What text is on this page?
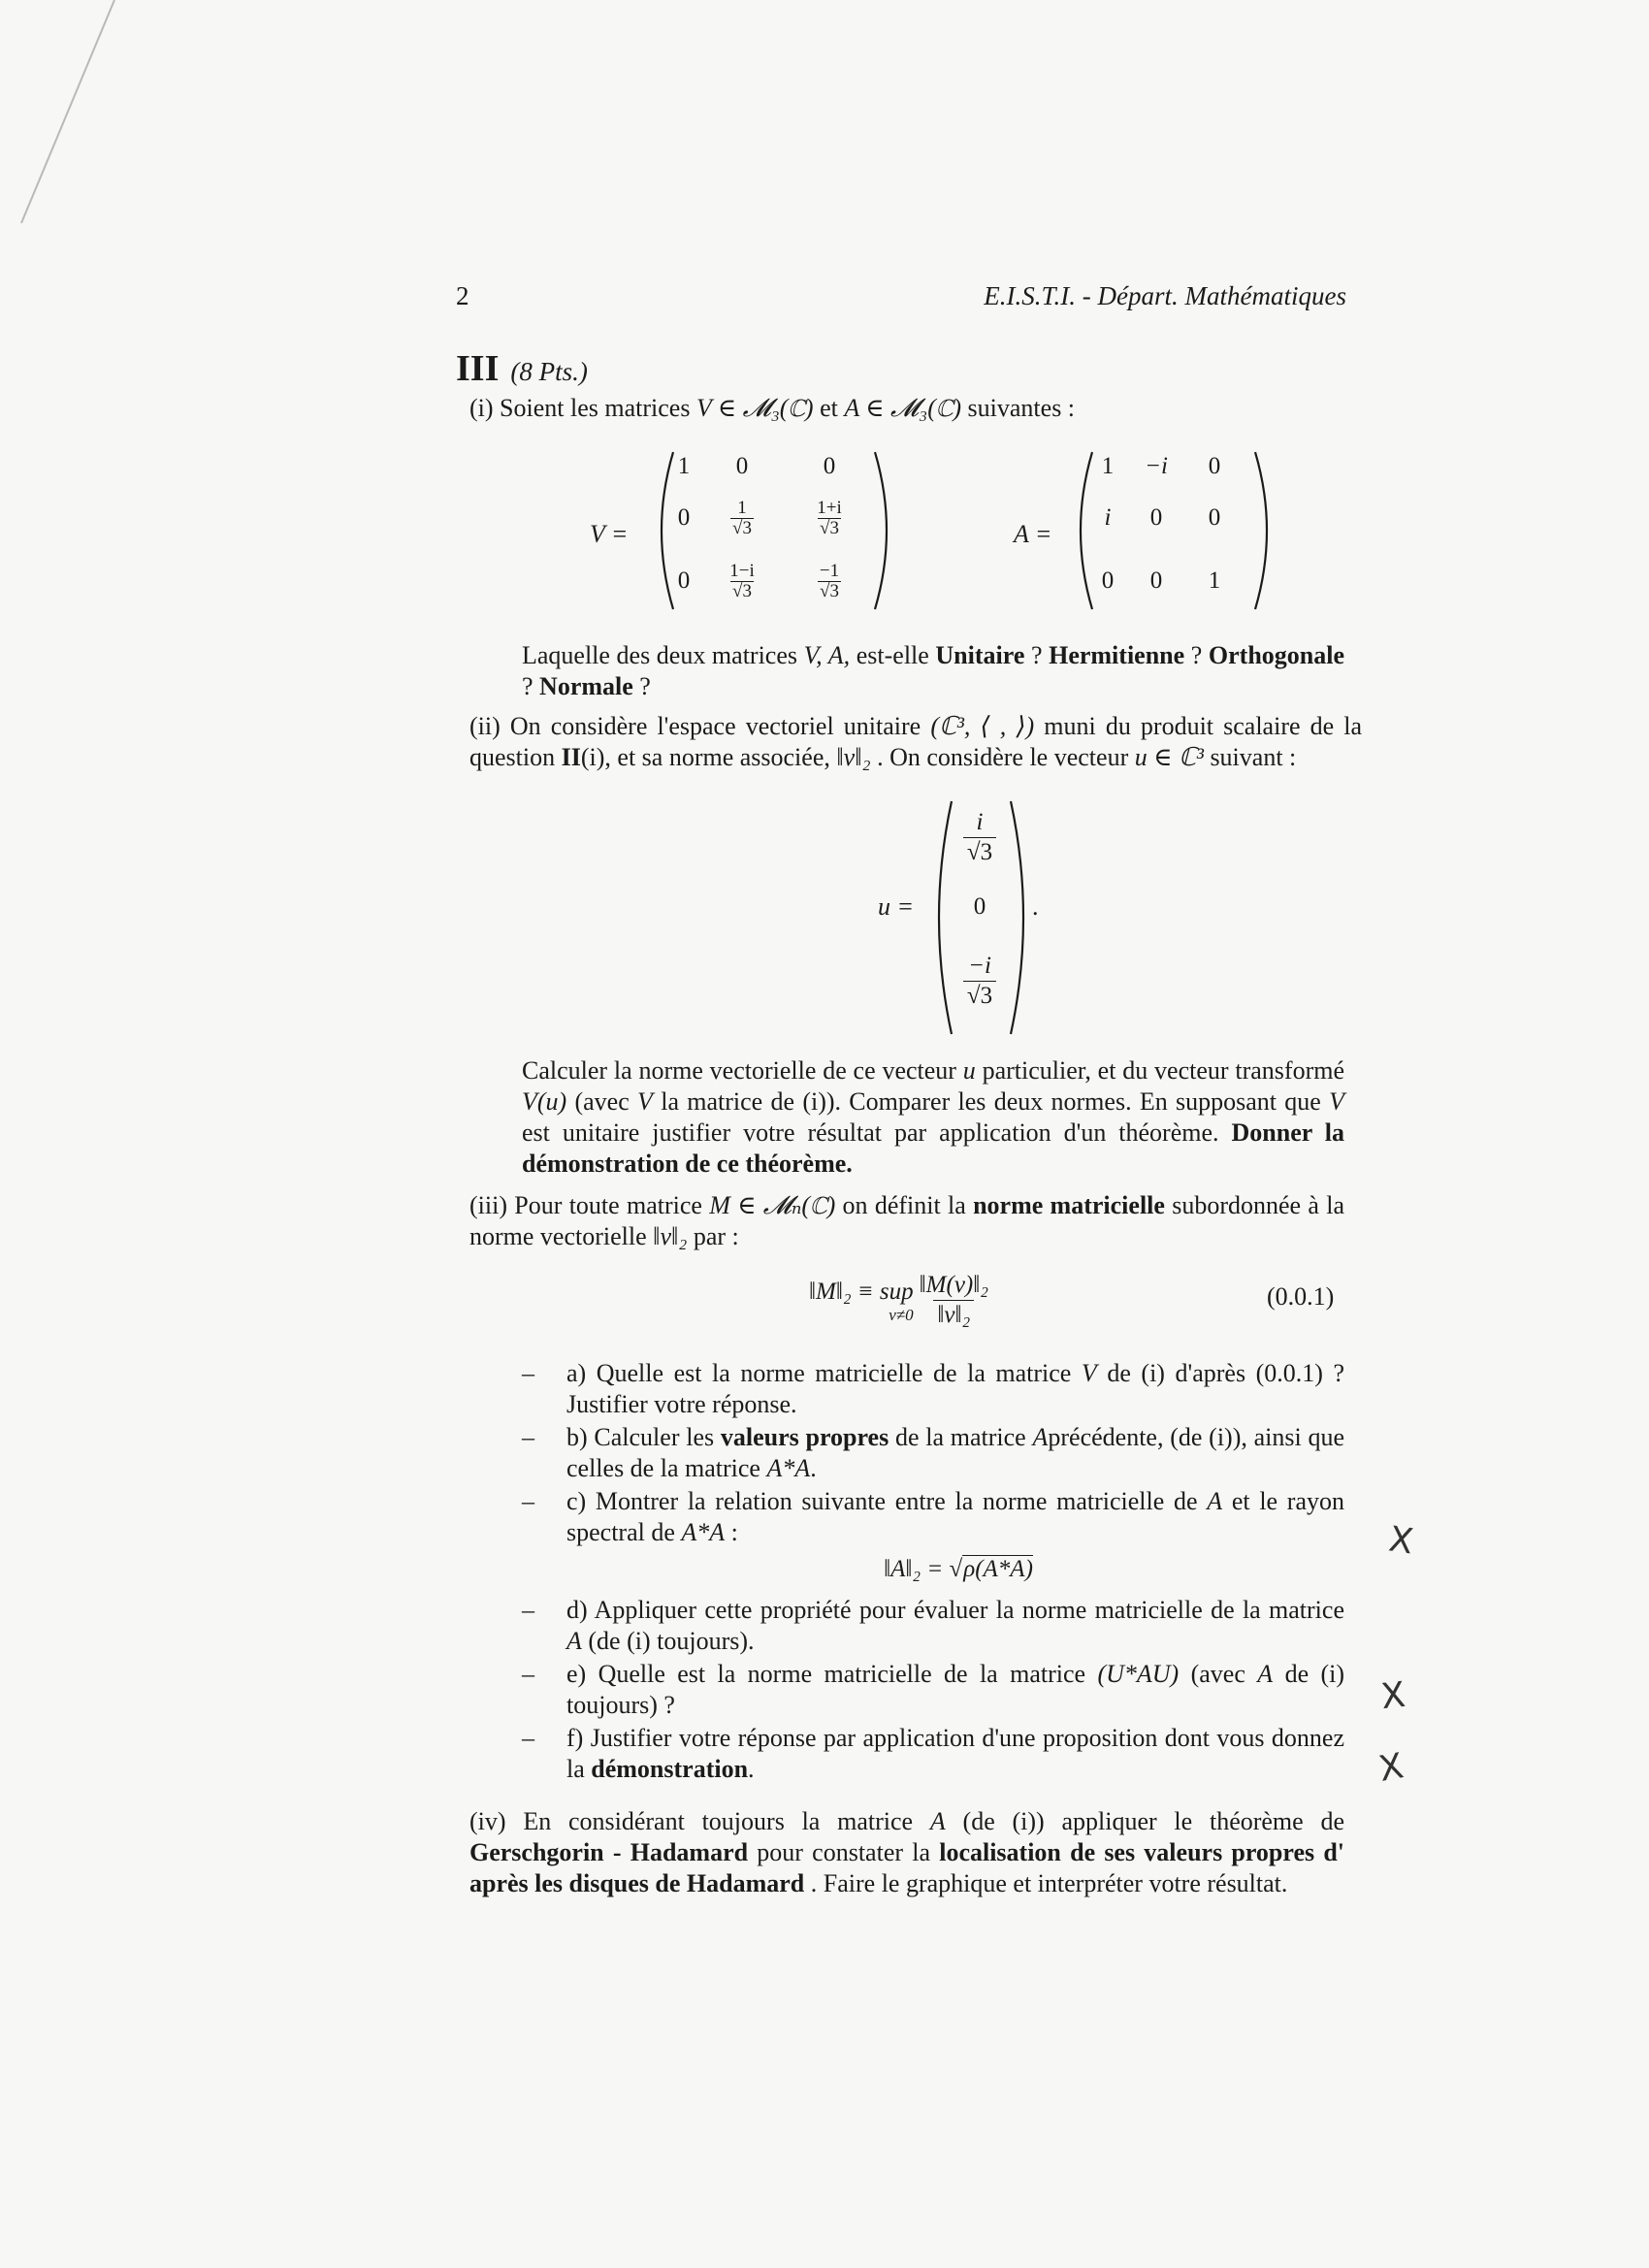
2	E.I.S.T.I. - Départ. Mathématiques
III (8 Pts.)
(i) Soient les matrices V ∈ 𝓜₃(ℂ) et A ∈ 𝓜₃(ℂ) suivantes :
V =
1	0	0
0	$\frac{1}{√3}$	$\frac{1+i}{√3}$
0	$\frac{1-i}{√3}$	$\frac{-1}{√3}$
A =
1	−i	0
i	0	0
0	0	1
Laquelle des deux matrices V, A, est-elle Unitaire ? Hermitienne ? Orthogonale ? Normale ?
(ii) On considère l'espace vectoriel unitaire (ℂ³, ⟨ , ⟩) muni du produit scalaire de la question II(i), et sa norme associée, ‖v‖₂ . On considère le vecteur u ∈ ℂ³ suivant :
u =
$\frac{i}{√3}$
0
$\frac{-i}{√3}$
.
Calculer la norme vectorielle de ce vecteur u particulier, et du vecteur transformé V(u) (avec V la matrice de (i)). Comparer les deux normes. En supposant que V est unitaire justifier votre résultat par application d'un théorème. Donner la démonstration de ce théorème.
(iii) Pour toute matrice M ∈ 𝓜ₙ(ℂ) on définit la norme matricielle subordonnée à la norme vectorielle ‖v‖₂ par :
‖M‖₂ ≡ sup
$v\ne 0 \frac{\text{‖M(v)‖₂}}{\text{‖v‖₂}}$	(0.0.1)
– a) Quelle est la norme matricielle de la matrice V de (i) d'après (0.0.1) ? Justifier votre réponse.
– b) Calculer les valeurs propres de la matrice Aprécédente, (de (i)), ainsi que celles de la matrice A*A.
– c) Montrer la relation suivante entre la norme matricielle de A et le rayon spectral de A*A :
‖A‖₂ = √ρ(A*A)
– d) Appliquer cette propriété pour évaluer la norme matricielle de la matrice A (de (i) toujours).
– e) Quelle est la norme matricielle de la matrice (U*AU) (avec A de (i) toujours) ?
– f) Justifier votre réponse par application d'une proposition dont vous donnez la démonstration.
(iv) En considérant toujours la matrice A (de (i)) appliquer le théorème de Gerschgorin - Hadamard pour constater la localisation de ses valeurs propres d' après les disques de Hadamard . Faire le graphique et interpréter votre résultat.
X
X
X
